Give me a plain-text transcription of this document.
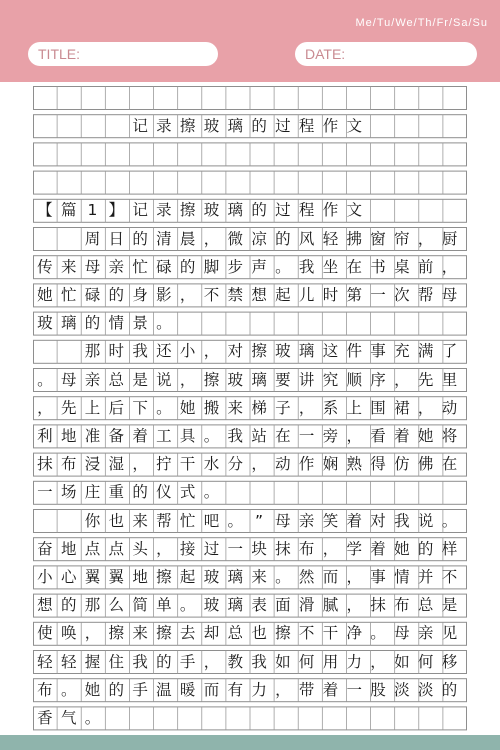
Me/Tu/We/Th/Fr/Sa/Su
TITLE:	DATE:
记 录 擦 玻 璃 的 过 程 作 文
【 篇 1 】 记 录 擦 玻 璃 的 过 程 作 文
周 日 的 清 晨 ， 微 凉 的 风 轻 拂 窗 帘 ， 厨
传 来 母 亲 忙 碌 的 脚 步 声 。 我 坐 在 书 桌 前 ，
她 忙 碌 的 身 影 ， 不 禁 想 起 儿 时 第 一 次 帮 母
玻 璃 的 情 景 。
那 时 我 还 小 ， 对 擦 玻 璃 这 件 事 充 满 了
。 母 亲 总 是 说 ， 擦 玻 璃 要 讲 究 顺 序 ， 先 里
， 先 上 后 下 。 她 搬 来 梯 子 ， 系 上 围 裙 ， 动
利 地 准 备 着 工 具 。 我 站 在 一 旁 ， 看 着 她 将
抹 布 浸 湿 ， 拧 干 水 分 ， 动 作 娴 熟 得 仿 佛 在
一 场 庄 重 的 仪 式 。
你 也 来 帮 忙 吧 。 ” 母 亲 笑 着 对 我 说 。
奋 地 点 点 头 ， 接 过 一 块 抹 布 ， 学 着 她 的 样
小 心 翼 翼 地 擦 起 玻 璃 来 。 然 而 ， 事 情 并 不
想 的 那 么 简 单 。 玻 璃 表 面 滑 腻 ， 抹 布 总 是
使 唤 ， 擦 来 擦 去 却 总 也 擦 不 干 净 。 母 亲 见
轻 轻 握 住 我 的 手 ， 教 我 如 何 用 力 ， 如 何 移
布 。 她 的 手 温 暖 而 有 力 ， 带 着 一 股 淡 淡 的
香 气 。
